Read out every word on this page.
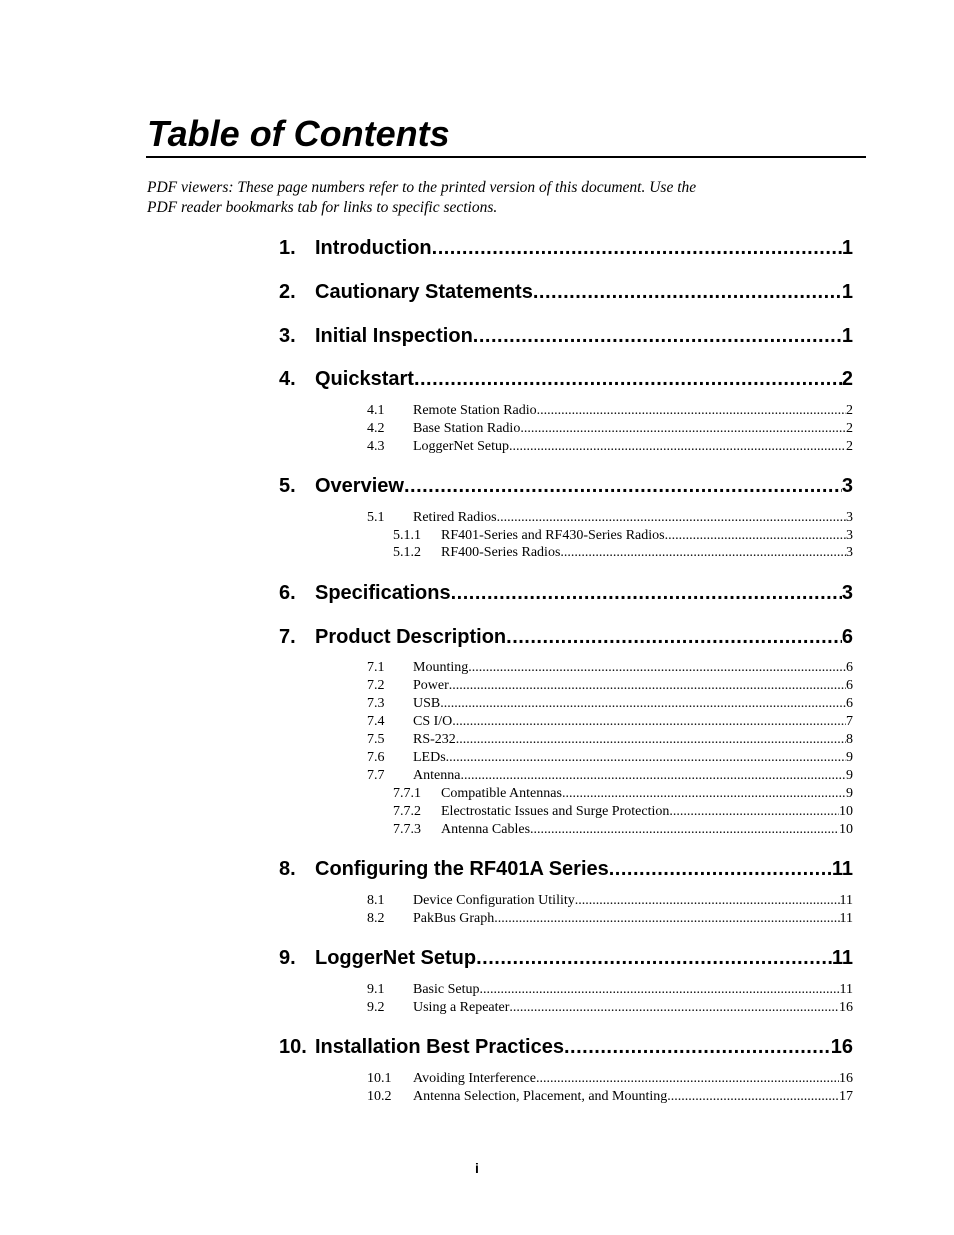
Table of Contents

PDF viewers: These page numbers refer to the printed version of this document. Use the
PDF reader bookmarks tab for links to specific sections.

1. Introduction .....	1
2. Cautionary Statements .....	1
3. Initial Inspection .....	1
4. Quickstart .....	2
4.1	Remote Station Radio .....	2
4.2	Base Station Radio .....	2
4.3	LoggerNet Setup .....	2
5. Overview .....	3
5.1	Retired Radios .....	3
5.1.1	RF401-Series and RF430-Series Radios .....	3
5.1.2	RF400-Series Radios .....	3
6. Specifications .....	3
7. Product Description .....	6
7.1	Mounting .....	6
7.2	Power .....	6
7.3	USB .....	6
7.4	CS I/O .....	7
7.5	RS-232 .....	8
7.6	LEDs .....	9
7.7	Antenna .....	9
7.7.1	Compatible Antennas .....	9
7.7.2	Electrostatic Issues and Surge Protection .....	10
7.7.3	Antenna Cables .....	10
8. Configuring the RF401A Series .....	11
8.1	Device Configuration Utility .....	11
8.2	PakBus Graph .....	11
9. LoggerNet Setup .....	11
9.1	Basic Setup .....	11
9.2	Using a Repeater .....	16
10. Installation Best Practices .....	16
10.1	Avoiding Interference .....	16
10.2	Antenna Selection, Placement, and Mounting .....	17
i
